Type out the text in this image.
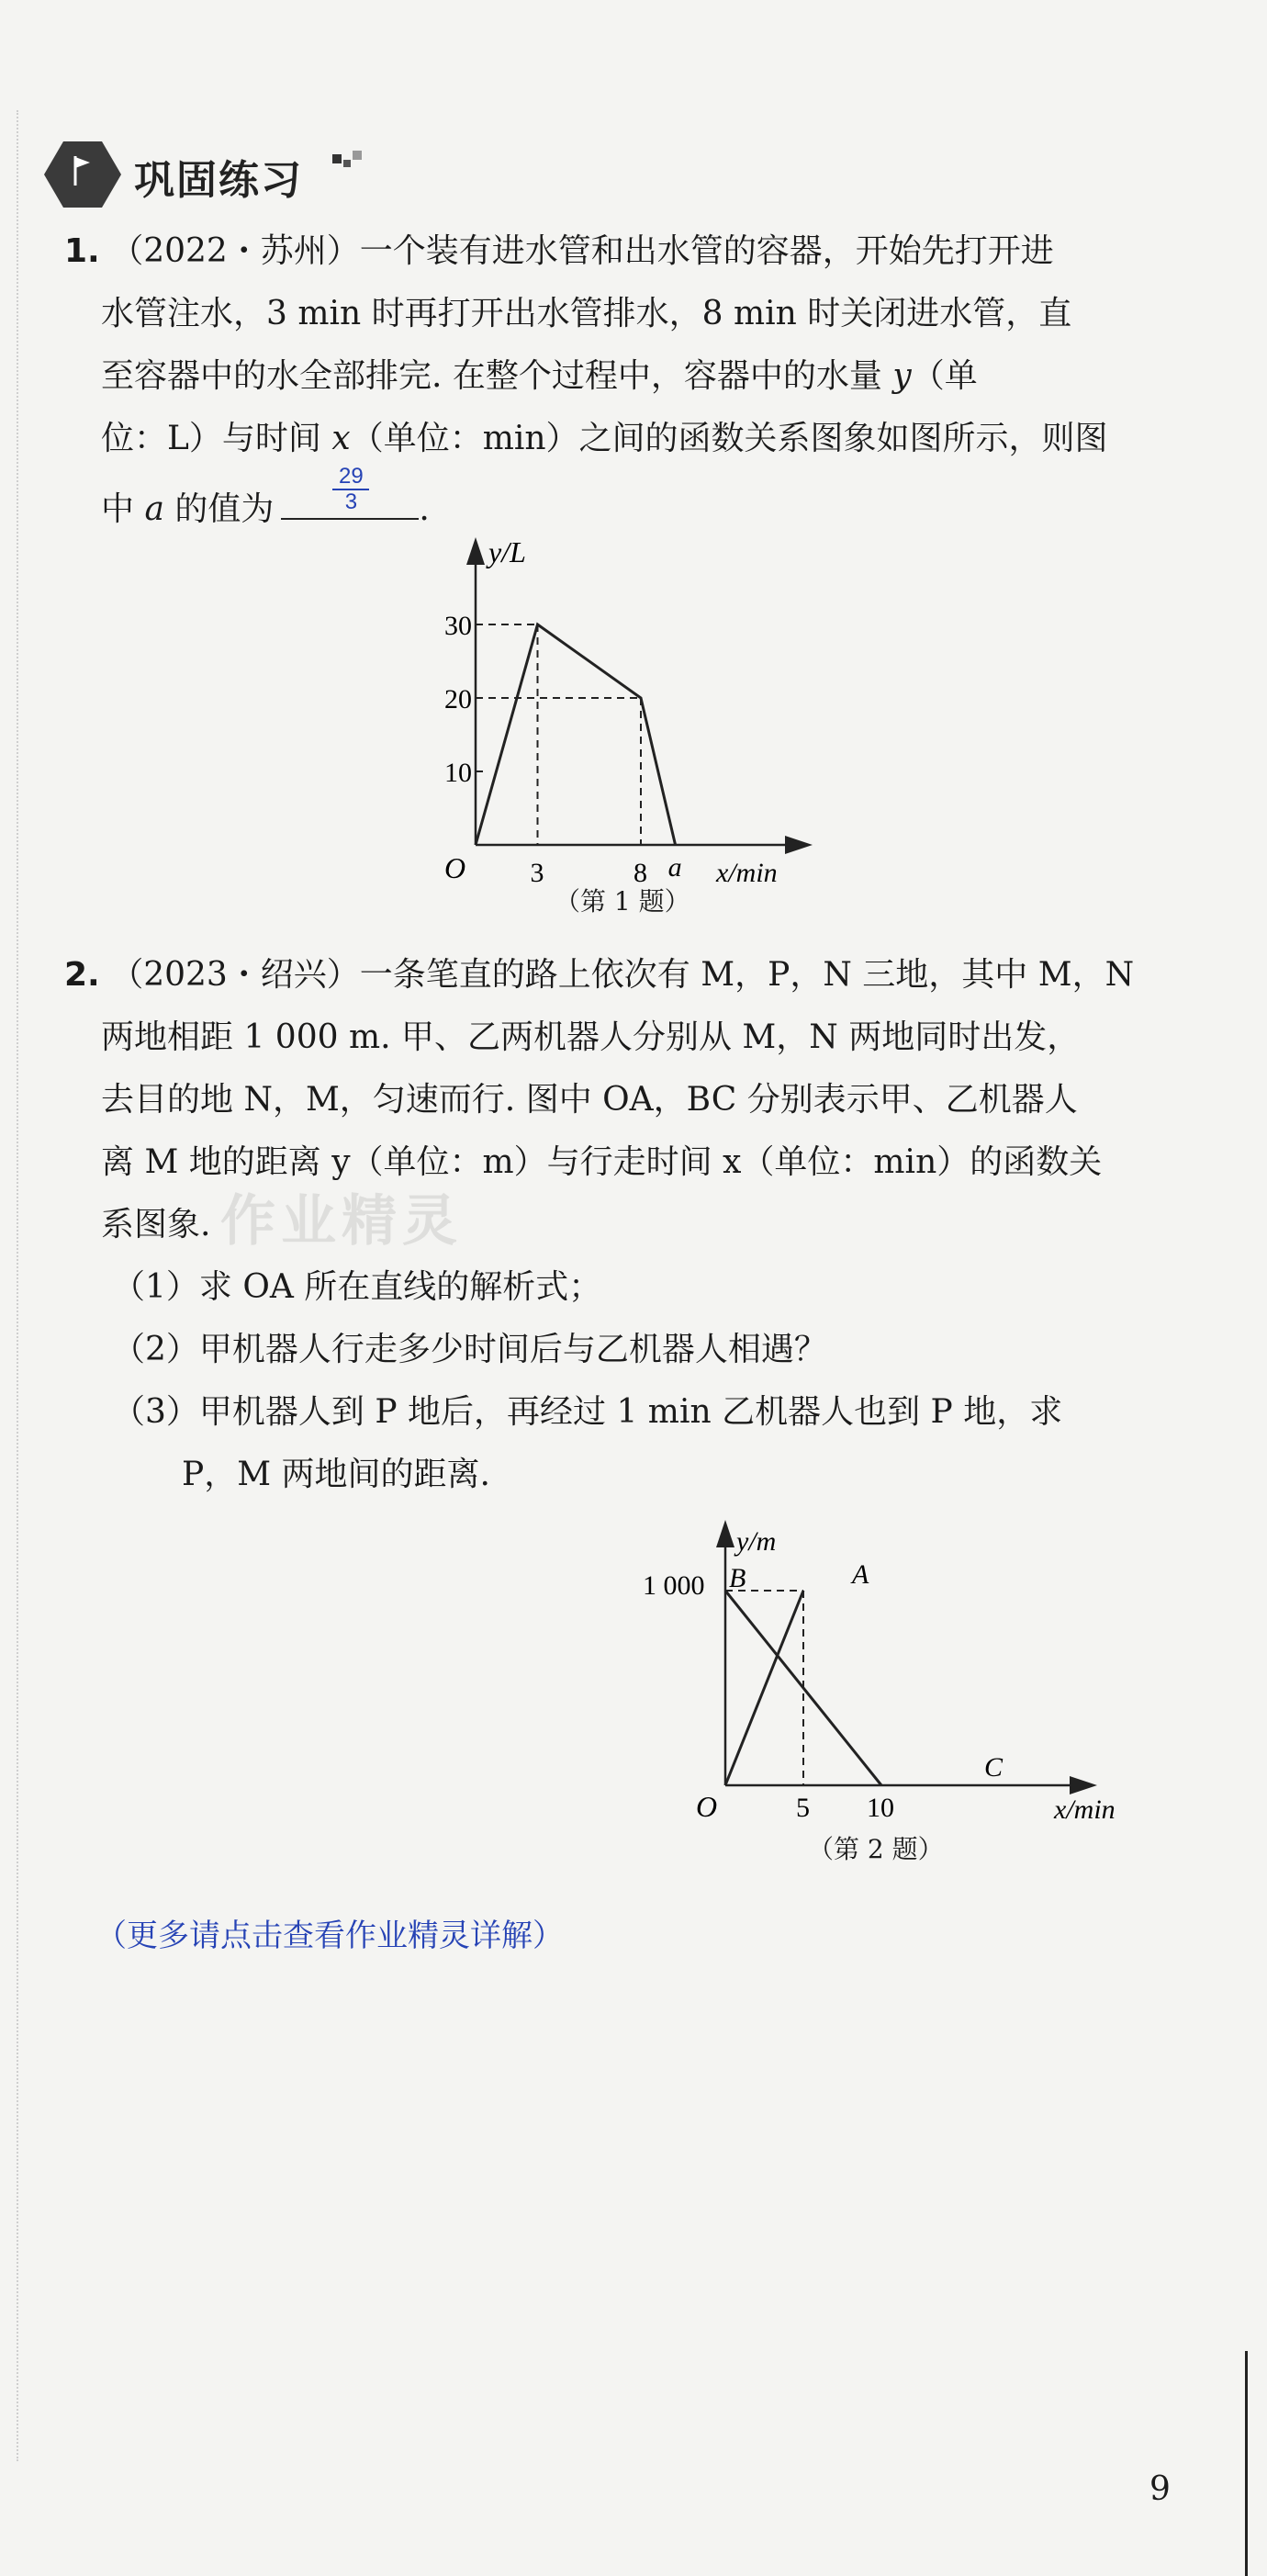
巩固练习
1. （2022・苏州）一个装有进水管和出水管的容器，开始先打开进
水管注水，3 min 时再打开出水管排水，8 min 时关闭进水管，直
至容器中的水全部排完. 在整个过程中，容器中的水量 y（单
位：L）与时间 x（单位：min）之间的函数关系图象如图所示，则图
中 a 的值为	$\frac{29}{3}$ .
10
20
30
3	8 a
y/L
x/min
O
（第 1 题）
2. （2023・绍兴）一条笔直的路上依次有 M，P，N 三地，其中 M，N
两地相距 1 000 m. 甲、乙两机器人分别从 M，N 两地同时出发，
去目的地 N，M，匀速而行. 图中 OA，BC 分别表示甲、乙机器人
离 M 地的距离 y（单位：m）与行走时间 x（单位：min）的函数关
系图象. 作业精灵
（1）求 OA 所在直线的解析式；
（2）甲机器人行走多少时间后与乙机器人相遇？
（3）甲机器人到 P 地后，再经过 1 min 乙机器人也到 P 地，求
P，M 两地间的距离.
5 10
y/m
x/min
O
1 000 B	A
C
（第 2 题）
（更多请点击查看作业精灵详解）
9
